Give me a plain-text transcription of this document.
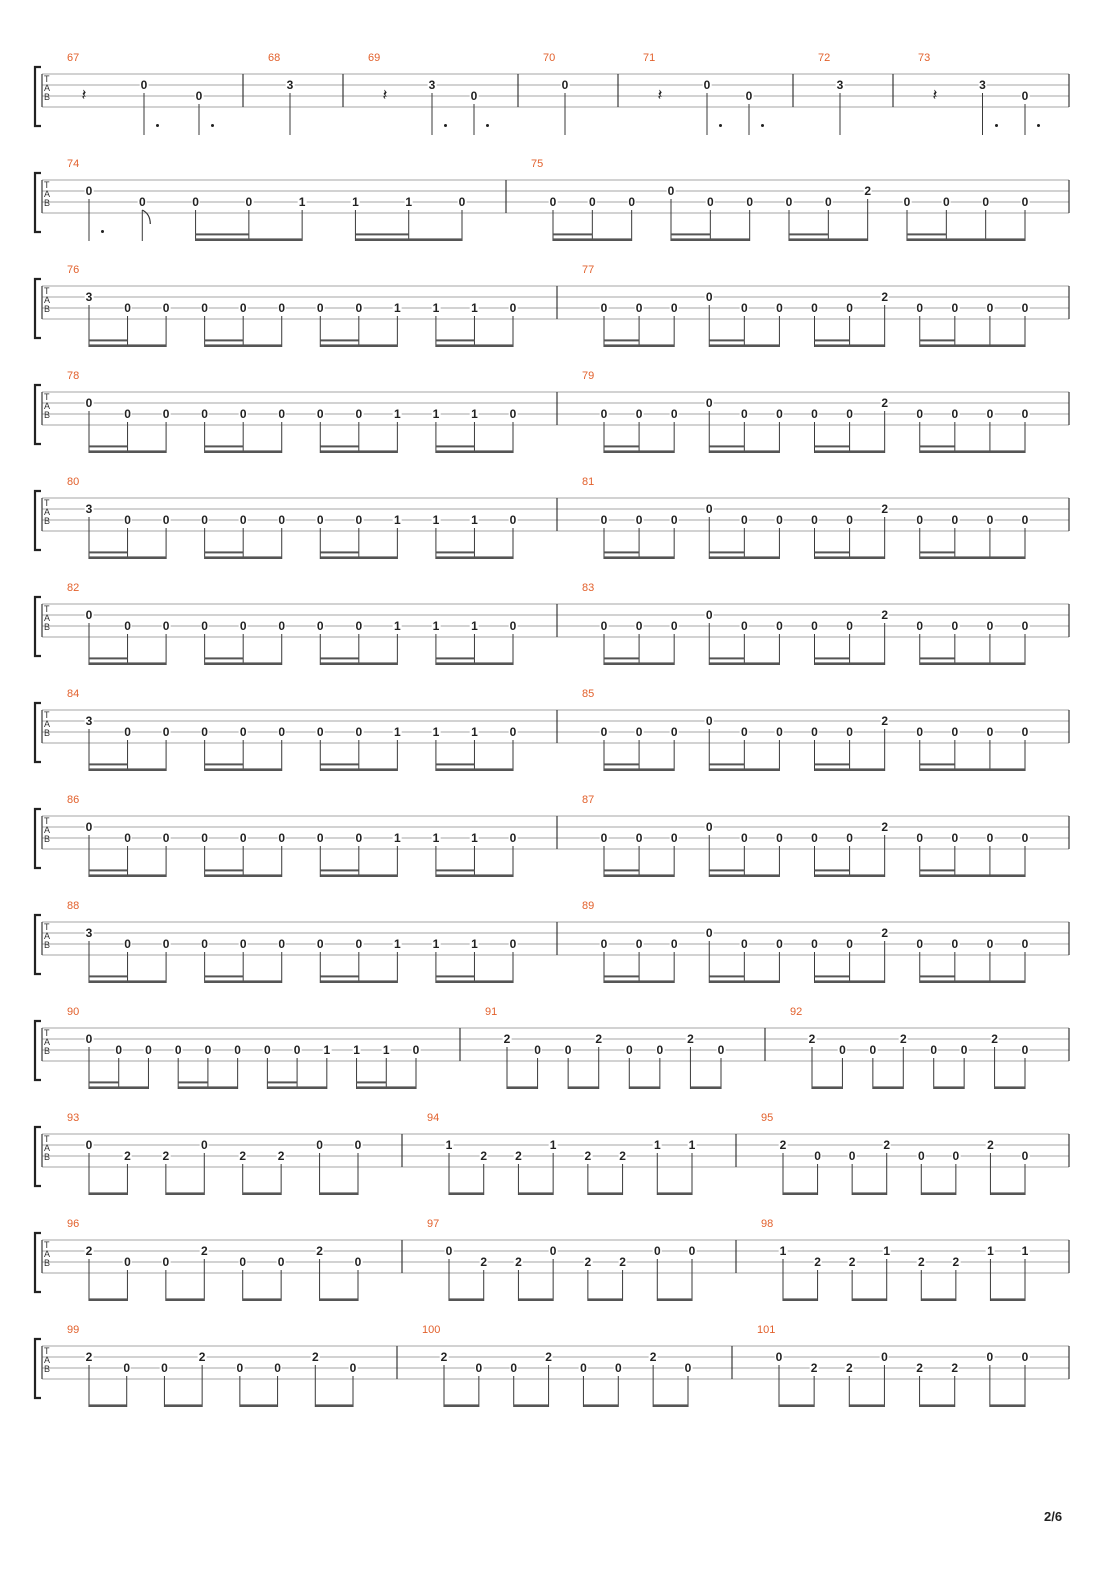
T
A
B
67
𝄽	0
0
68
3
69
𝄽	3
0
70
0
71
𝄽	0
0
72
3
73
𝄽	3
0
T
A
B
74
0
0	0	0	1	1	1	0
75
0	0	0
0
0	0	0	0
2
0	0	0	0
T
A
B
76
3
0	0	0	0	0	0	0	1	1	1	0
77
0 0 0
0
0 0 0 0
2
0 0 0 0
T
A
B
78
0
0	0	0	0	0	0	0	1	1	1	0
79
0 0 0
0
0 0 0 0
2
0 0 0 0
T
A
B
80
3
0	0	0	0	0	0	0	1	1	1	0
81
0 0 0
0
0 0 0 0
2
0 0 0 0
T
A
B
82
0
0	0	0	0	0	0	0	1	1	1	0
83
0 0 0
0
0 0 0 0
2
0 0 0 0
T
A
B
84
3
0	0	0	0	0	0	0	1	1	1	0
85
0 0 0
0
0 0 0 0
2
0 0 0 0
T
A
B
86
0
0	0	0	0	0	0	0	1	1	1	0
87
0 0 0
0
0 0 0 0
2
0 0 0 0
T
A
B
88
3
0	0	0	0	0	0	0	1	1	1	0
89
0 0 0
0
0 0 0 0
2
0 0 0 0
T
A
B
90
0
0 0 0 0 0 0 0 1 1 1 0
91
2
0 0
2
0 0
2
0
92
2
0 0
2
0 0
2
0
T
A
B
93
0
2	2
0
2	2
0	0
94
1
2 2
1
2 2
1 1
95
2
0 0
2
0 0
2
0
T
A
B
96
2
0	0
2
0	0
2
0
97
0
2 2
0
2 2
0 0
98
1
2 2
1
2 2
1 1
T
A
B
99
2
0	0
2
0	0
2
0
100
2
0 0
2
0 0
2
0
101
0
2 2
0
2 2
0 0
2/6
